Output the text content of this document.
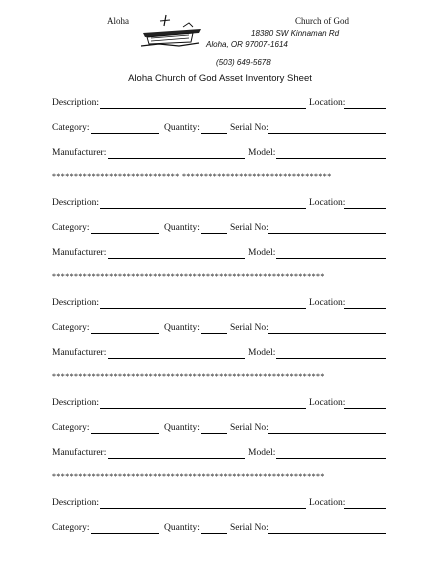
Aloha	Church of God
18380 SW Kinnaman Rd
Aloha, OR 97007-1614
(503) 649-5678
Aloha Church of God Asset Inventory Sheet
Description:	Location:
Category:	Quantity:	Serial No:
Manufacturer:	Model:
Description:	Location:
Category:	Quantity:	Serial No:
Manufacturer:	Model:
Description:	Location:
Category:	Quantity:	Serial No:
Manufacturer:	Model:
Description:	Location:
Category:	Quantity:	Serial No:
Manufacturer:	Model:
Description:	Location:
Category:	Quantity:	Serial No:
***************************** **********************************
**************************************************************
**************************************************************
**************************************************************
